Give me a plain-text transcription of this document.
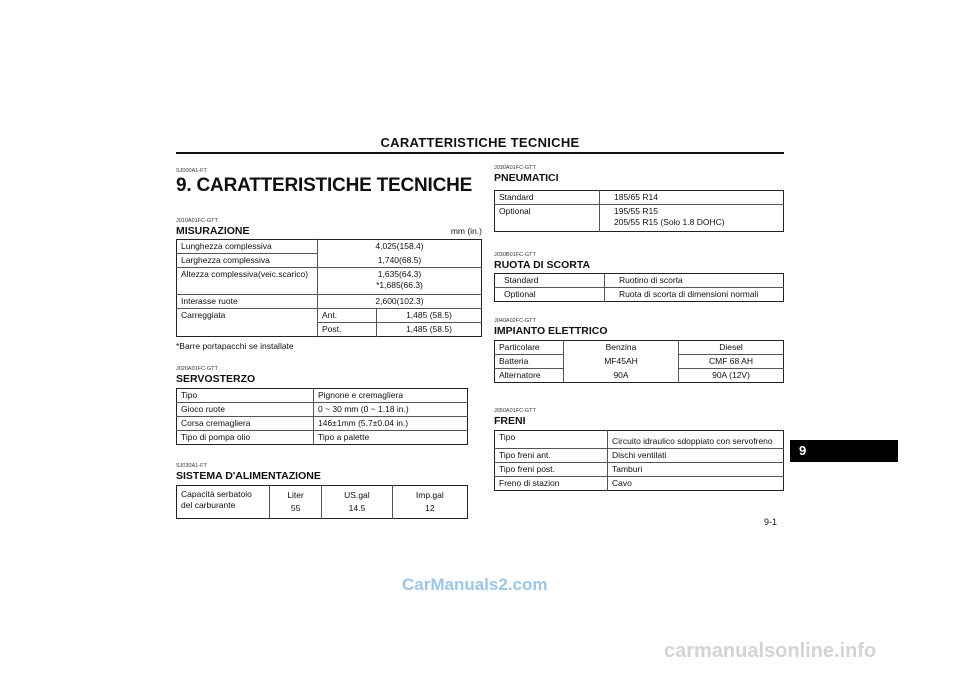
CARATTERISTICHE TECNICHE
SJ000A1-FT
9. CARATTERISTICHE TECNICHE
J010A01FC-GTT
MISURAZIONE	mm (in.)
Lunghezza complessiva	4,025(158.4)	
Larghezza complessiva	1,740(68.5)	
Altezza complessiva(veic.scarico)	1,635(64.3)
*1,685(66.3)	

Interasse ruote	2,600(102.3)	
Carreggiata	Ant.	1,485 (58.5)
	Post.	1,485 (58.5)
*Barre portapacchi se installate
J020A01FC-GTT
SERVOSTERZO
Tipo	Pignone e cremagliera
Gioco ruote	0 ~ 30 mm (0 ~ 1.18 in.)
Corsa cremagliera	146±1mm (5.7±0.04 in.)
Tipo di pompa olio	Tipo a palette
SJ030A1-FT
SISTEMA D'ALIMENTAZIONE
Capacità serbatoio
del carburante	Liter	US.gal	Imp.gal
	55	14.5	12
J030A01FC-GTT
PNEUMATICI
Standard	185/65 R14
Optional	195/55 R15
205/55 R15 (Solo 1.8 DOHC)
J030B01FC-GTT
RUOTA DI SCORTA
Standard	Ruotino di scorta
Optional	Ruota di scorta di dimensioni normali
J040A02FC-GTT
IMPIANTO ELETTRICO
Particolare	Benzina	Diesel
Batteria	MF45AH	CMF 68 AH
Alternatore	90A	90A (12V)
J050A01FC-GTT
FRENI
Tipo	Circuito idraulico sdoppiato con servofreno
Tipo freni ant.	Dischi ventilati
Tipo freni post.	Tamburi
Freno di stazion	Cavo
9
9-1
CarManuals2.com
carmanualsonline.info
